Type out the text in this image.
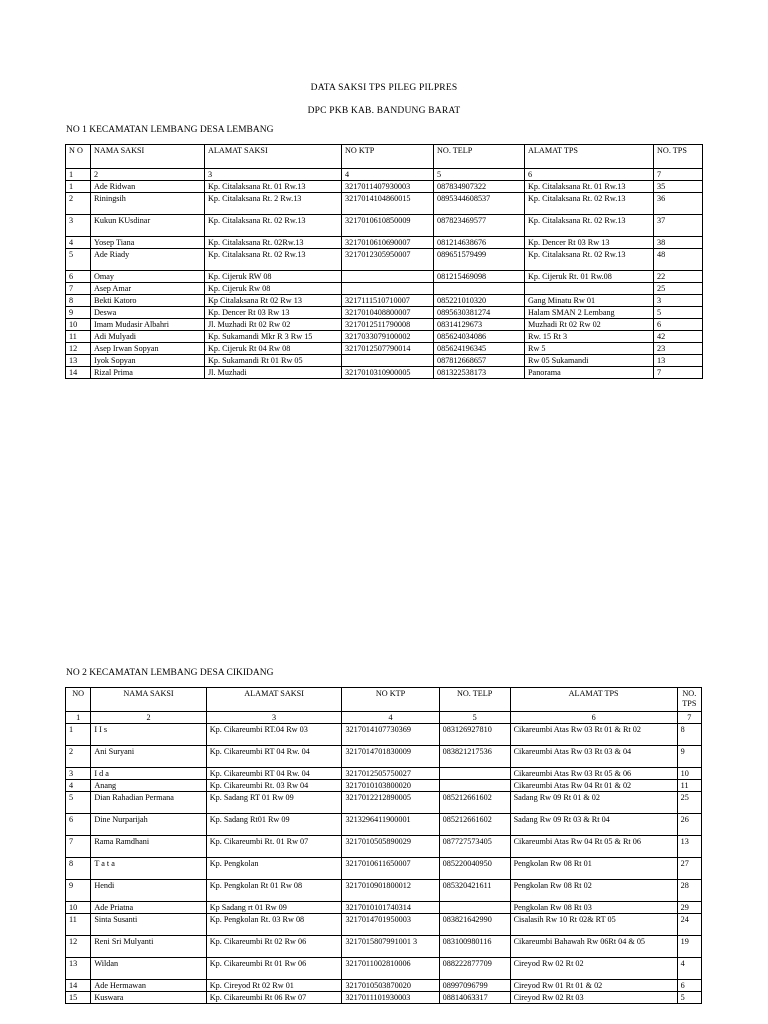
DATA SAKSI TPS PILEG PILPRES
DPC PKB KAB. BANDUNG BARAT
NO 1 KECAMATAN LEMBANG DESA LEMBANG
N O	NAMA SAKSI	ALAMAT SAKSI	NO KTP	NO. TELP	ALAMAT TPS	NO. TPS
1	2	3	4	5	6	7
1	Ade Ridwan	Kp. Citalaksana Rt. 01 Rw.13	3217011407930003	087834907322	Kp. Citalaksana Rt. 01 Rw.13	35
2	Riningsih	Kp. Citalaksana Rt. 2 Rw.13	3217014104860015	0895344608537	Kp. Citalaksana Rt. 02 Rw.13	36
3	Kukun KUsdinar	Kp. Citalaksana Rt. 02 Rw.13	3217010610850009	087823469577	Kp. Citalaksana Rt. 02 Rw.13	37
4	Yosep Tiana	Kp. Citalaksana Rt. 02Rw.13	3217010610690007	081214638676	Kp. Dencer Rt 03 Rw 13	38
5	Ade Riady	Kp. Citalaksana Rt. 02 Rw.13	3217012305950007	089651579499	Kp. Citalaksana Rt. 02 Rw.13	48
6	Omay	Kp. Cijeruk RW 08		081215469098	Kp. Cijeruk Rt. 01 Rw.08	22
7	Asep Amar	Kp. Cijeruk Rw 08				25
8	Bekti Katoro	Kp Citalaksana Rt 02 Rw 13	3217111510710007	085221010320	Gang Minatu Rw 01	3
9	Deswa	Kp. Dencer Rt 03 Rw 13	3217010408800007	0895630381274	Halam SMAN 2 Lembang	5
10	Imam Mudasir Albahri	Jl. Muzhadi Rt 02 Rw 02	3217012511790008	08314129673	Muzhadi Rt 02 Rw 02	6
11	Adi Mulyadi	Kp. Sukamandi Mkr R 3 Rw 15	3217033079100002	085624034086	Rw. 15 Rt 3	42
12	Asep Irwan Sopyan	Kp. Cijeruk Rt 04 Rw 08	3217012507790014	085624196345	Rw 5	23
13	Iyok Sopyan	Kp. Sukamandi Rt 01 Rw 05		087812668657	Rw 05 Sukamandi	13
14	Rizal Prima	Jl. Muzhadi	3217010310900005	081322538173	Panorama	7
NO 2 KECAMATAN LEMBANG DESA CIKIDANG
NO	NAMA SAKSI	ALAMAT SAKSI	NO KTP	NO. TELP	ALAMAT TPS	NO. TPS
1	2	3	4	5	6	7
1	I I s	Kp. Cikareumbi RT.04 Rw 03	3217014107730369	083126927810	Cikareumbi Atas Rw 03 Rt 01 & Rt 02	8
2	Ani Suryani	Kp. Cikareumbi RT 04 Rw. 04	3217014701830009	083821217536	Cikareumbi Atas Rw 03 Rt 03 & 04	9
3	I d a	Kp. Cikareumbi RT 04 Rw. 04	3217012505750027		Cikareumbi Atas Rw 03 Rt 05 & 06	10
4	Anang	Kp. Cikareumbi Rt. 03 Rw 04	3217010103800020		Cikareumbi Atas Rw 04 Rt 01 & 02	11
5	Dian Rahadian Permana	Kp. Sadang RT 01 Rw 09	3217012212890005	085212661602	Sadang Rw 09 Rt 01 & 02	25
6	Dine Nurparijah	Kp. Sadang Rt01 Rw 09	3213296411900001	085212661602	Sadang Rw 09 Rt 03 & Rt 04	26
7	Rama Ramdhani	Kp. Cikareumbi Rt. 01 Rw 07	3217010505890029	087727573405	Cikareumbi Atas Rw 04 Rt 05 & Rt 06	13
8	T a t a	Kp. Pengkolan	3217010611650007	085220040950	Pengkolan Rw 08 Rt 01	27
9	Hendi	Kp. Pengkolan Rt 01 Rw 08	3217010901800012	085320421611	Pengkolan Rw 08 Rt 02	28
10	Ade Priatna	Kp Sadang rt 01 Rw 09	3217010101740314		Pengkolan Rw 08 Rt 03	29
11	Sinta Susanti	Kp. Pengkolan Rt. 03 Rw 08	3217014701950003	083821642990	Cisalasih Rw 10 Rt 02& RT 05	24
12	Reni Sri Mulyanti	Kp. Cikareumbi Rt 02 Rw 06	3217015807991001 3	083100980116	Cikareumbi Bahawah Rw 06Rt 04 & 05	19
13	Wildan	Kp. Cikareumbi Rt 01 Rw 06	3217011002810006	088222877709	Cireyod Rw 02 Rt 02	4
14	Ade Hermawan	Kp. Cireyod Rt 02 Rw 01	3217010503870020	08997096799	Cireyod Rw 01 Rt 01 & 02	6
15	Kuswara	Kp. Cikareumbi Rt 06 Rw 07	3217011101930003	08814063317	Cireyod Rw 02 Rt 03	5
